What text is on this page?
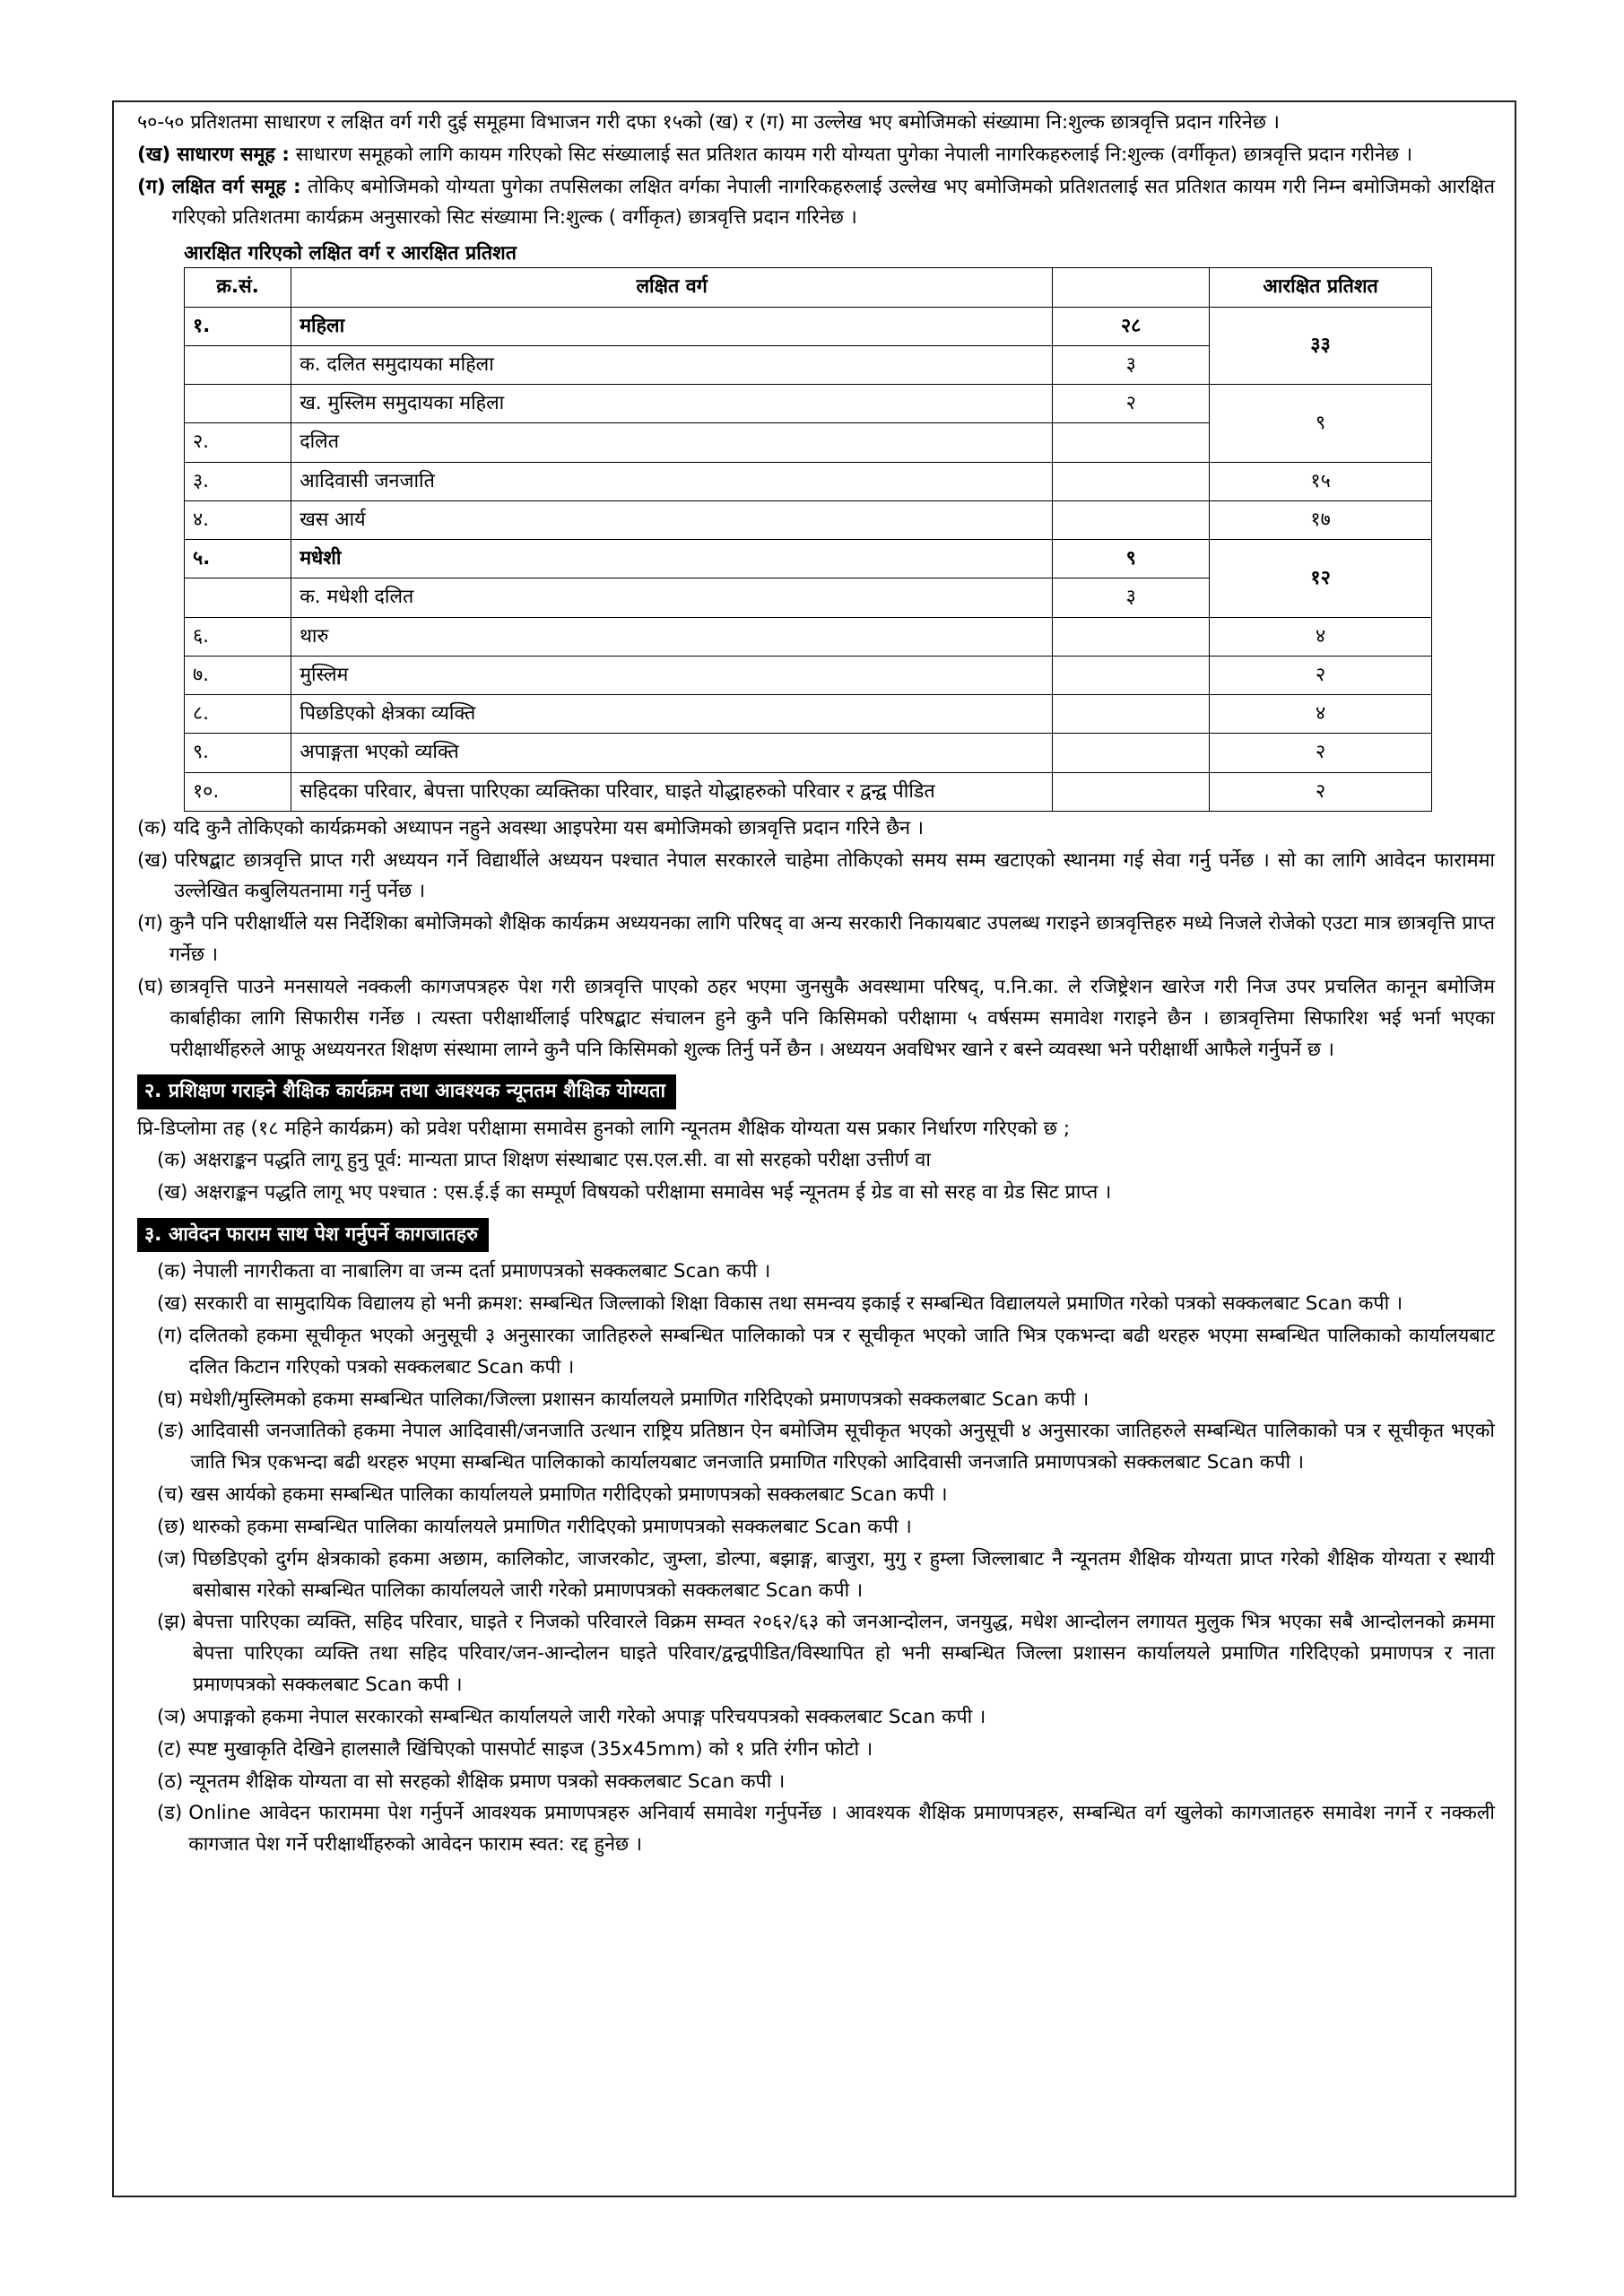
५०-५० प्रतिशतमा साधारण र लक्षित वर्ग गरी दुई समूहमा विभाजन गरी दफा १५को (ख) र (ग) मा उल्लेख भए बमोजिमको संख्यामा नि:शुल्क छात्रवृत्ति प्रदान गरिनेछ ।
(ख) साधारण समूह : साधारण समूहको लागि कायम गरिएको सिट संख्यालाई सत प्रतिशत कायम गरी योग्यता पुगेका नेपाली नागरिकहरुलाई नि:शुल्क (वर्गीकृत) छात्रवृत्ति प्रदान गरीनेछ ।
(ग) लक्षित वर्ग समूह : तोकिए बमोजिमको योग्यता पुगेका तपसिलका लक्षित वर्गका नेपाली नागरिकहरुलाई उल्लेख भए बमोजिमको प्रतिशतलाई सत प्रतिशत कायम गरी निम्न बमोजिमको आरक्षित गरिएको प्रतिशतमा कार्यक्रम अनुसारको सिट संख्यामा नि:शुल्क ( वर्गीकृत) छात्रवृत्ति प्रदान गरिनेछ ।
आरक्षित गरिएको लक्षित वर्ग र आरक्षित प्रतिशत
क्र.सं.	लक्षित वर्ग		आरक्षित प्रतिशत
१.	महिला	२८	३३
	क. दलित समुदायका महिला	३	
	ख. मुस्लिम समुदायका महिला	२	९
२.	दलित		
३.	आदिवासी जनजाति		१५
४.	खस आर्य		१७
५.	मधेशी	९	१२
	क. मधेशी दलित	३	
६.	थारु		४
७.	मुस्लिम		२
८.	पिछडिएको क्षेत्रका व्यक्ति		४
९.	अपाङ्गता भएको व्यक्ति		२
१०.	सहिदका परिवार, बेपत्ता पारिएका व्यक्तिका परिवार, घाइते योद्धाहरुको परिवार र द्वन्द्व पीडित		२
(क) यदि कुनै तोकिएको कार्यक्रमको अध्यापन नहुने अवस्था आइपरेमा यस बमोजिमको छात्रवृत्ति प्रदान गरिने छैन ।
(ख) परिषद्बाट छात्रवृत्ति प्राप्त गरी अध्ययन गर्ने विद्यार्थीले अध्ययन पश्चात नेपाल सरकारले चाहेमा तोकिएको समय सम्म खटाएको स्थानमा गई सेवा गर्नु पर्नेछ । सो का लागि आवेदन फाराममा उल्लेखित कबुलियतनामा गर्नु पर्नेछ ।
(ग) कुनै पनि परीक्षार्थीले यस निर्देशिका बमोजिमको शैक्षिक कार्यक्रम अध्ययनका लागि परिषद् वा अन्य सरकारी निकायबाट उपलब्ध गराइने छात्रवृत्तिहरु मध्ये निजले रोजेको एउटा मात्र छात्रवृत्ति प्राप्त गर्नेछ ।
(घ) छात्रवृत्ति पाउने मनसायले नक्कली कागजपत्रहरु पेश गरी छात्रवृत्ति पाएको ठहर भएमा जुनसुकै अवस्थामा परिषद्, प.नि.का. ले रजिष्ट्रेशन खारेज गरी निज उपर प्रचलित कानून बमोजिम कार्बाहीका लागि सिफारीस गर्नेछ । त्यस्ता परीक्षार्थीलाई परिषद्बाट संचालन हुने कुनै पनि किसिमको परीक्षामा ५ वर्षसम्म समावेश गराइने छैन । छात्रवृत्तिमा सिफारिश भई भर्ना भएका परीक्षार्थीहरुले आफू अध्ययनरत शिक्षण संस्थामा लाग्ने कुनै पनि किसिमको शुल्क तिर्नु पर्ने छैन । अध्ययन अवधिभर खाने र बस्ने व्यवस्था भने परीक्षार्थी आफैले गर्नुपर्ने छ ।
२. प्रशिक्षण गराइने शैक्षिक कार्यक्रम तथा आवश्यक न्यूनतम शैक्षिक योग्यता
प्रि-डिप्लोमा तह (१८ महिने कार्यक्रम) को प्रवेश परीक्षामा समावेस हुनको लागि न्यूनतम शैक्षिक योग्यता यस प्रकार निर्धारण गरिएको छ ;
(क) अक्षराङ्कन पद्धति लागू हुनु पूर्व: मान्यता प्राप्त शिक्षण संस्थाबाट एस.एल.सी. वा सो सरहको परीक्षा उत्तीर्ण वा
(ख) अक्षराङ्कन पद्धति लागू भए पश्चात : एस.ई.ई का सम्पूर्ण विषयको परीक्षामा समावेस भई न्यूनतम ई ग्रेड वा सो सरह वा ग्रेड सिट प्राप्त ।
३. आवेदन फाराम साथ पेश गर्नुपर्ने कागजातहरु
(क) नेपाली नागरीकता वा नाबालिग वा जन्म दर्ता प्रमाणपत्रको सक्कलबाट Scan कपी ।
(ख) सरकारी वा सामुदायिक विद्यालय हो भनी क्रमश: सम्बन्धित जिल्लाको शिक्षा विकास तथा समन्वय इकाई र सम्बन्धित विद्यालयले प्रमाणित गरेको पत्रको सक्कलबाट Scan कपी ।
(ग) दलितको हकमा सूचीकृत भएको अनुसूची ३ अनुसारका जातिहरुले सम्बन्धित पालिकाको पत्र र सूचीकृत भएको जाति भित्र एकभन्दा बढी थरहरु भएमा सम्बन्धित पालिकाको कार्यालयबाट दलित किटान गरिएको पत्रको सक्कलबाट Scan कपी ।
(घ) मधेशी/मुस्लिमको हकमा सम्बन्धित पालिका/जिल्ला प्रशासन कार्यालयले प्रमाणित गरिदिएको प्रमाणपत्रको सक्कलबाट Scan कपी ।
(ङ) आदिवासी जनजातिको हकमा नेपाल आदिवासी/जनजाति उत्थान राष्ट्रिय प्रतिष्ठान ऐन बमोजिम सूचीकृत भएको अनुसूची ४ अनुसारका जातिहरुले सम्बन्धित पालिकाको पत्र र सूचीकृत भएको जाति भित्र एकभन्दा बढी थरहरु भएमा सम्बन्धित पालिकाको कार्यालयबाट जनजाति प्रमाणित गरिएको आदिवासी जनजाति प्रमाणपत्रको सक्कलबाट Scan कपी ।
(च) खस आर्यको हकमा सम्बन्धित पालिका कार्यालयले प्रमाणित गरीदिएको प्रमाणपत्रको सक्कलबाट Scan कपी ।
(छ) थारुको हकमा सम्बन्धित पालिका कार्यालयले प्रमाणित गरीदिएको प्रमाणपत्रको सक्कलबाट Scan कपी ।
(ज) पिछडिएको दुर्गम क्षेत्रकाको हकमा अछाम, कालिकोट, जाजरकोट, जुम्ला, डोल्पा, बझाङ्ग, बाजुरा, मुगु र हुम्ला जिल्लाबाट नै न्यूनतम शैक्षिक योग्यता प्राप्त गरेको शैक्षिक योग्यता र स्थायी बसोबास गरेको सम्बन्धित पालिका कार्यालयले जारी गरेको प्रमाणपत्रको सक्कलबाट Scan कपी ।
(झ) बेपत्ता पारिएका व्यक्ति, सहिद परिवार, घाइते र निजको परिवारले विक्रम सम्वत २०६२/६३ को जनआन्दोलन, जनयुद्ध, मधेश आन्दोलन लगायत मुलुक भित्र भएका सबै आन्दोलनको क्रममा बेपत्ता पारिएका व्यक्ति तथा सहिद परिवार/जन-आन्दोलन घाइते परिवार/द्वन्द्वपीडित/विस्थापित हो भनी सम्बन्धित जिल्ला प्रशासन कार्यालयले प्रमाणित गरिदिएको प्रमाणपत्र र नाता प्रमाणपत्रको सक्कलबाट Scan कपी ।
(ञ) अपाङ्गको हकमा नेपाल सरकारको सम्बन्धित कार्यालयले जारी गरेको अपाङ्ग परिचयपत्रको सक्कलबाट Scan कपी ।
(ट) स्पष्ट मुखाकृति देखिने हालसालै खिंचिएको पासपोर्ट साइज (35x45mm) को १ प्रति रंगीन फोटो ।
(ठ) न्यूनतम शैक्षिक योग्यता वा सो सरहको शैक्षिक प्रमाण पत्रको सक्कलबाट Scan कपी ।
(ड) Online आवेदन फाराममा पेश गर्नुपर्ने आवश्यक प्रमाणपत्रहरु अनिवार्य समावेश गर्नुपर्नेछ । आवश्यक शैक्षिक प्रमाणपत्रहरु, सम्बन्धित वर्ग खुलेको कागजातहरु समावेश नगर्ने र नक्कली कागजात पेश गर्ने परीक्षार्थीहरुको आवेदन फाराम स्वत: रद्द हुनेछ ।
